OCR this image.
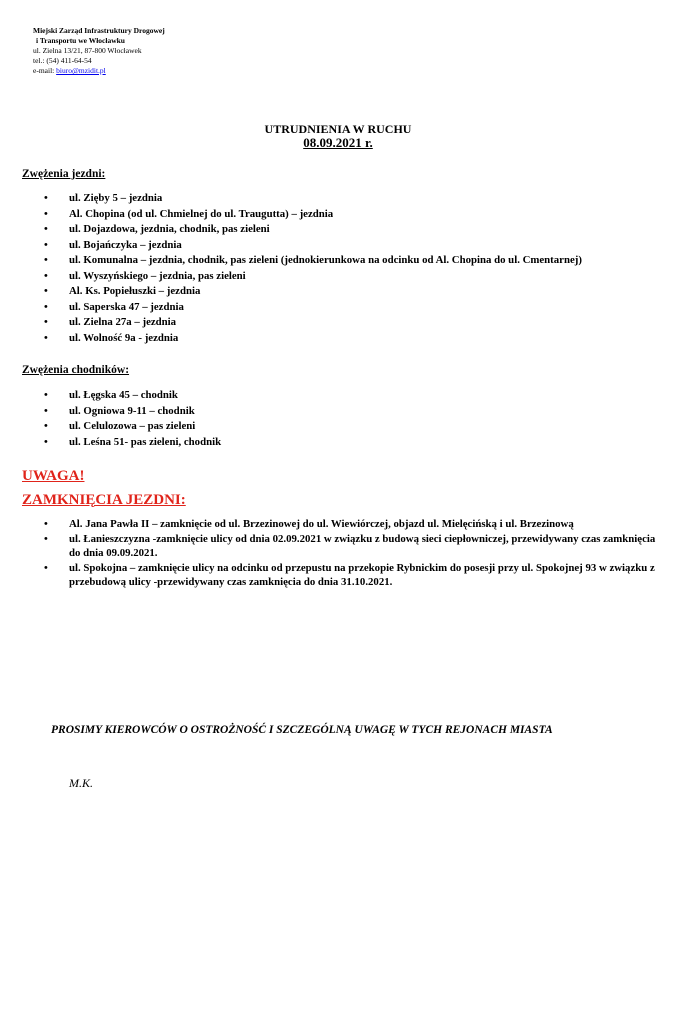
Miejski Zarząd Infrastruktury Drogowej
i Transportu we Włocławku
ul. Zielna 13/21, 87-800 Włocławek
tel.: (54) 411-64-54
e-mail: biuro@mzidit.pl
UTRUDNIENIA W RUCHU
08.09.2021 r.
Zwężenia jezdni:
• ul. Zięby 5 – jezdnia
• Al. Chopina (od ul. Chmielnej do ul. Traugutta) – jezdnia
• ul. Dojazdowa, jezdnia, chodnik, pas zieleni
• ul. Bojańczyka – jezdnia
• ul. Komunalna – jezdnia, chodnik, pas zieleni (jednokierunkowa na odcinku od Al. Chopina do ul. Cmentarnej)
• ul. Wyszyńskiego – jezdnia, pas zieleni
• Al. Ks. Popiełuszki – jezdnia
• ul. Saperska 47 – jezdnia
• ul. Zielna 27a – jezdnia
• ul. Wolność 9a - jezdnia
Zwężenia chodników:
• ul. Łęgska 45 – chodnik
• ul. Ogniowa 9-11 – chodnik
• ul. Celulozowa – pas zieleni
• ul. Leśna 51- pas zieleni, chodnik
UWAGA!
ZAMKNIĘCIA JEZDNI:
• Al. Jana Pawła II – zamknięcie od ul. Brzezinowej do ul. Wiewiórczej, objazd ul. Mielęcińską i ul. Brzezinową
• ul. Łanieszczyzna -zamknięcie ulicy od dnia 02.09.2021 w związku z budową sieci ciepłowniczej, przewidywany czas zamknięcia do dnia 09.09.2021.
• ul. Spokojna – zamknięcie ulicy na odcinku od przepustu na przekopie Rybnickim do posesji przy ul. Spokojnej 93 w związku z przebudową ulicy -przewidywany czas zamknięcia do dnia 31.10.2021.
PROSIMY KIEROWCÓW O OSTROŻNOŚĆ I SZCZEGÓLNĄ UWAGĘ W TYCH REJONACH MIASTA
M.K.
